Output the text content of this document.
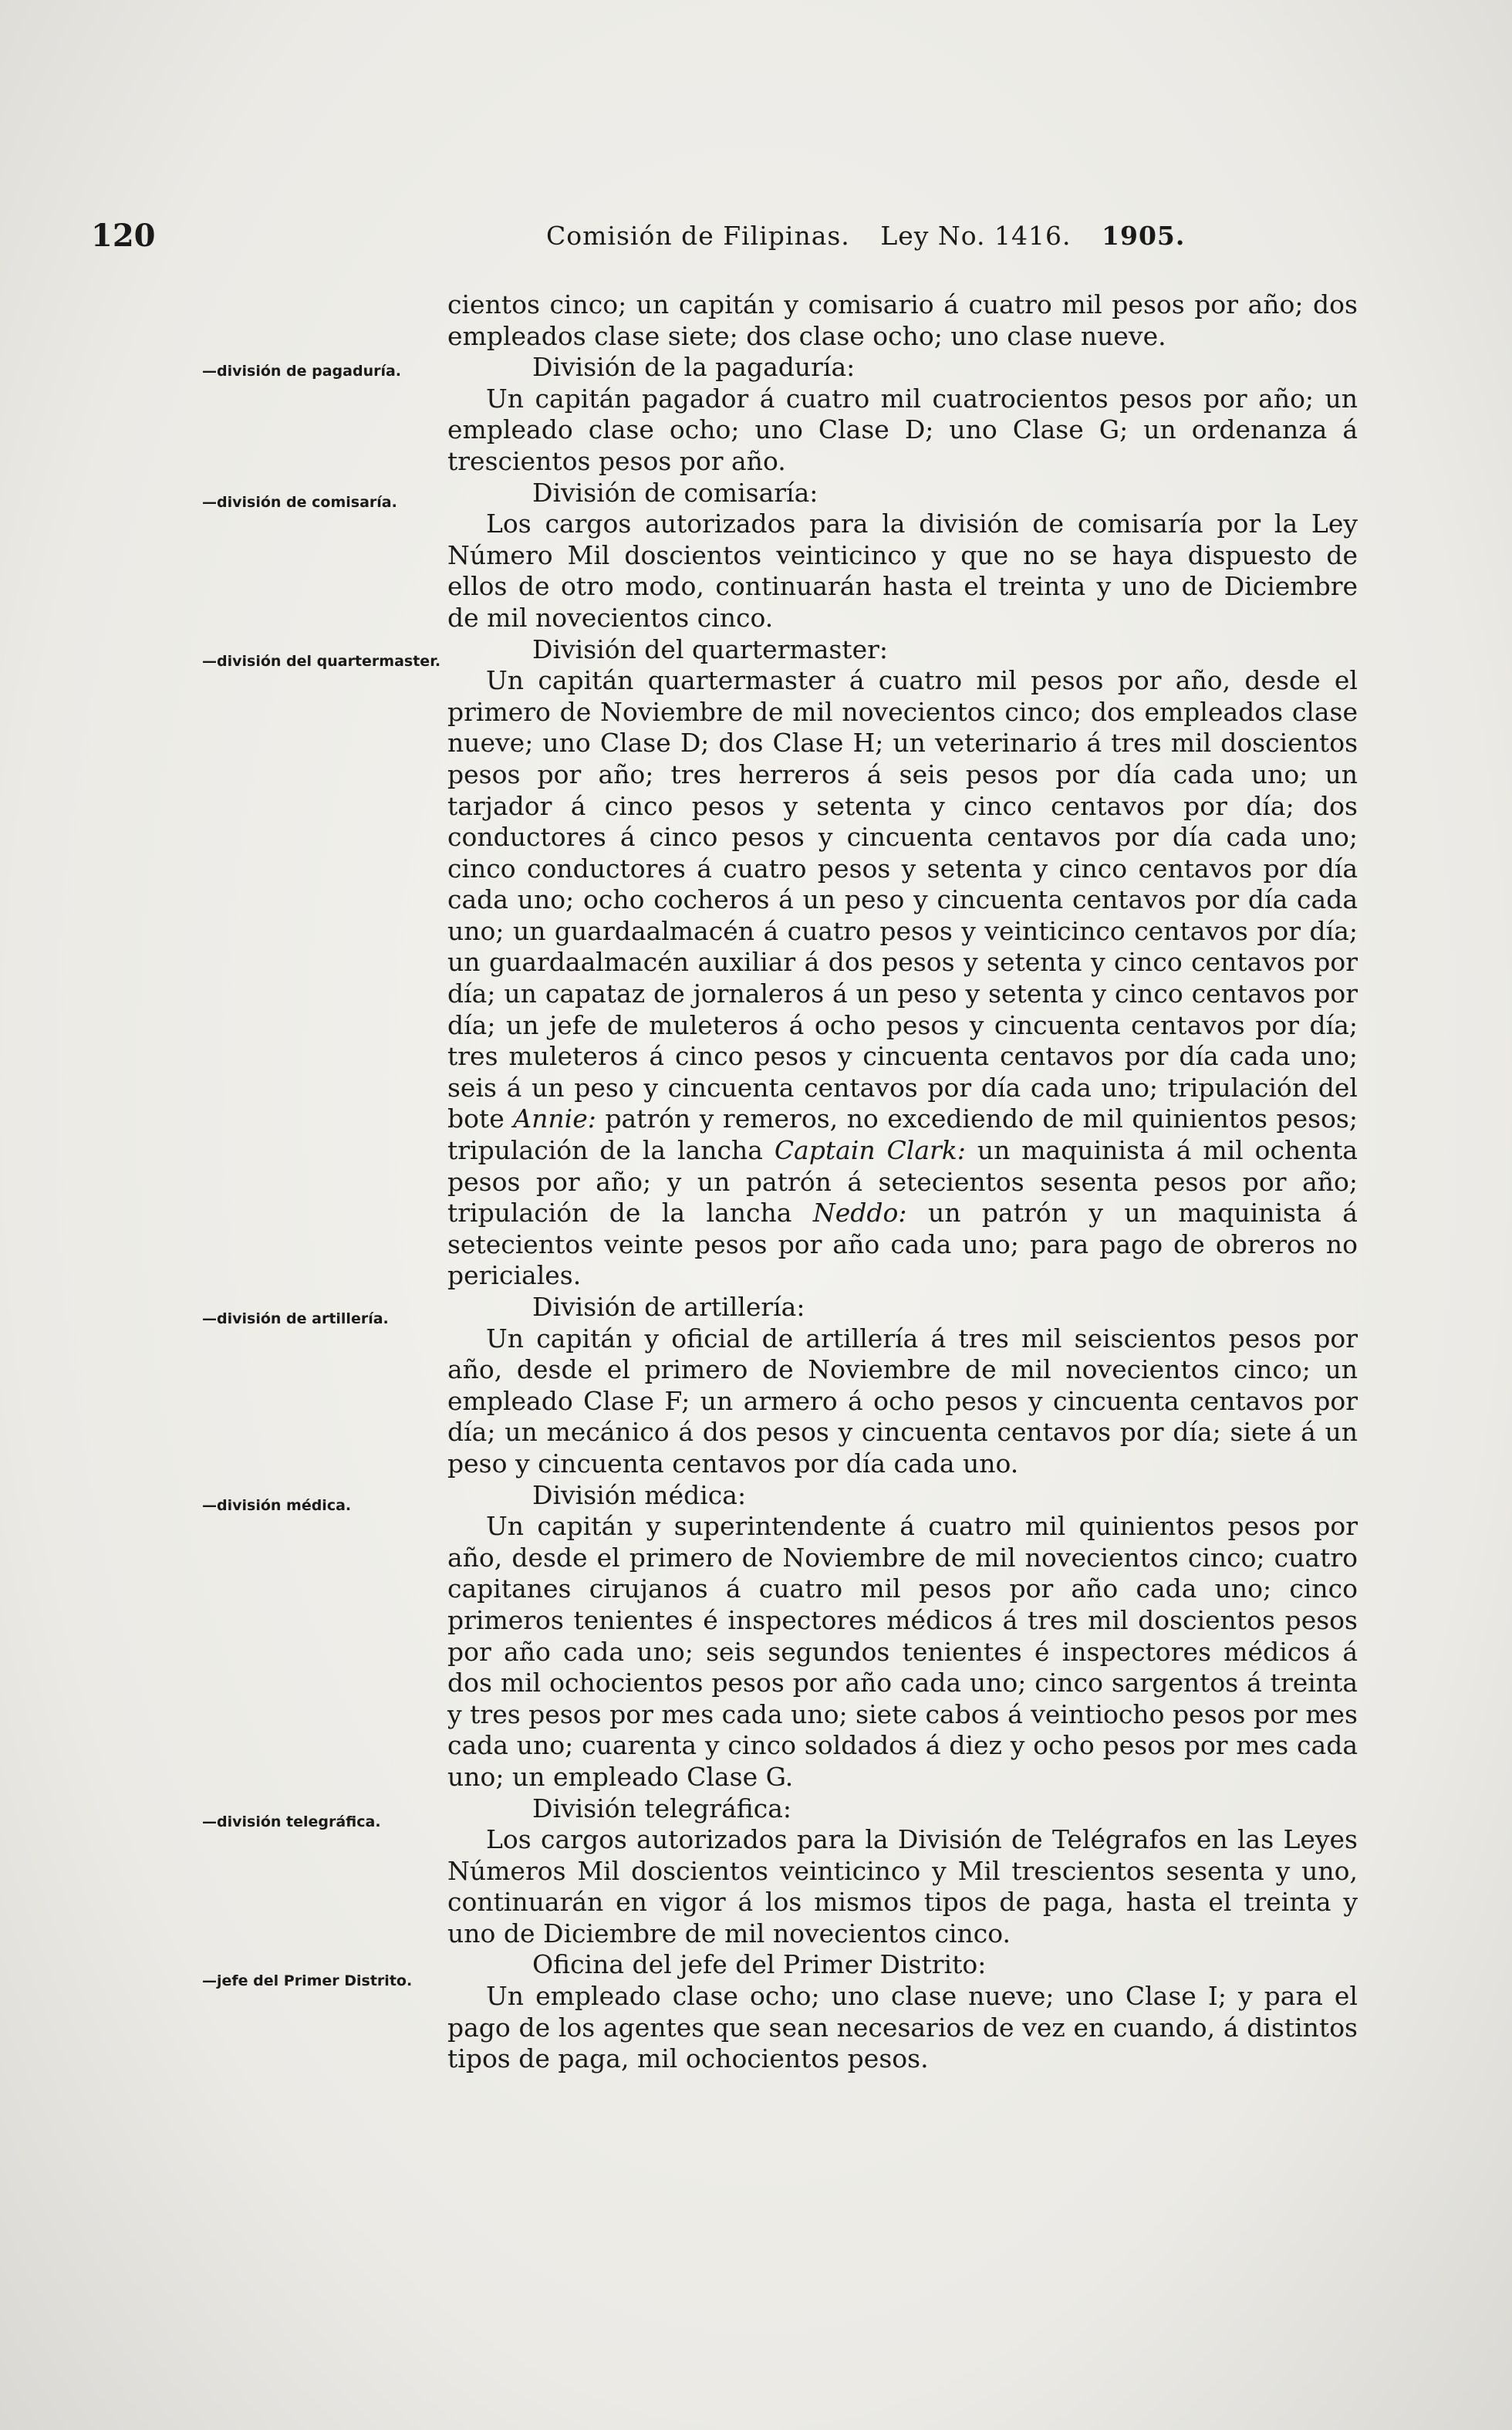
120	Comisión de Filipinas. Ley No. 1416. 1905.
—división de pagaduría.
—división de comisaría.
—división del quartermaster.
—división de artillería.
—división médica.
—división telegráfica.
—jefe del Primer Distrito.

cientos cinco; un capitán y comisario á cuatro mil pesos por año; dos empleados clase siete; dos clase ocho; uno clase nueve.

División de la pagaduría:

Un capitán pagador á cuatro mil cuatrocientos pesos por año; un empleado clase ocho; uno Clase D; uno Clase G; un ordenanza á trescientos pesos por año.

División de comisaría:

Los cargos autorizados para la división de comisaría por la Ley Número Mil doscientos veinticinco y que no se haya dispuesto de ellos de otro modo, continuarán hasta el treinta y uno de Diciembre de mil novecientos cinco.

División del quartermaster:

Un capitán quartermaster á cuatro mil pesos por año, desde el primero de Noviembre de mil novecientos cinco; dos empleados clase nueve; uno Clase D; dos Clase H; un veterinario á tres mil doscientos pesos por año; tres herreros á seis pesos por día cada uno; un tarjador á cinco pesos y setenta y cinco centavos por día; dos conductores á cinco pesos y cincuenta centavos por día cada uno; cinco conductores á cuatro pesos y setenta y cinco centavos por día cada uno; ocho cocheros á un peso y cincuenta centavos por día cada uno; un guardaalmacén á cuatro pesos y veinticinco centavos por día; un guardaalmacén auxiliar á dos pesos y setenta y cinco centavos por día; un capataz de jornaleros á un peso y setenta y cinco centavos por día; un jefe de muleteros á ocho pesos y cincuenta centavos por día; tres muleteros á cinco pesos y cincuenta centavos por día cada uno; seis á un peso y cincuenta centavos por día cada uno; tripulación del bote Annie: patrón y remeros, no excediendo de mil quinientos pesos; tripulación de la lancha Captain Clark: un maquinista á mil ochenta pesos por año; y un patrón á setecientos sesenta pesos por año; tripulación de la lancha Neddo: un patrón y un maquinista á setecientos veinte pesos por año cada uno; para pago de obreros no periciales.

División de artillería:

Un capitán y oficial de artillería á tres mil seiscientos pesos por año, desde el primero de Noviembre de mil novecientos cinco; un empleado Clase F; un armero á ocho pesos y cincuenta centavos por día; un mecánico á dos pesos y cincuenta centavos por día; siete á un peso y cincuenta centavos por día cada uno.

División médica:

Un capitán y superintendente á cuatro mil quinientos pesos por año, desde el primero de Noviembre de mil novecientos cinco; cuatro capitanes cirujanos á cuatro mil pesos por año cada uno; cinco primeros tenientes é inspectores médicos á tres mil doscientos pesos por año cada uno; seis segundos tenientes é inspectores médicos á dos mil ochocientos pesos por año cada uno; cinco sargentos á treinta y tres pesos por mes cada uno; siete cabos á veintiocho pesos por mes cada uno; cuarenta y cinco soldados á diez y ocho pesos por mes cada uno; un empleado Clase G.

División telegráfica:

Los cargos autorizados para la División de Telégrafos en las Leyes Números Mil doscientos veinticinco y Mil trescientos sesenta y uno, continuarán en vigor á los mismos tipos de paga, hasta el treinta y uno de Diciembre de mil novecientos cinco.

Oficina del jefe del Primer Distrito:

Un empleado clase ocho; uno clase nueve; uno Clase I; y para el pago de los agentes que sean necesarios de vez en cuando, á distintos tipos de paga, mil ochocientos pesos.
